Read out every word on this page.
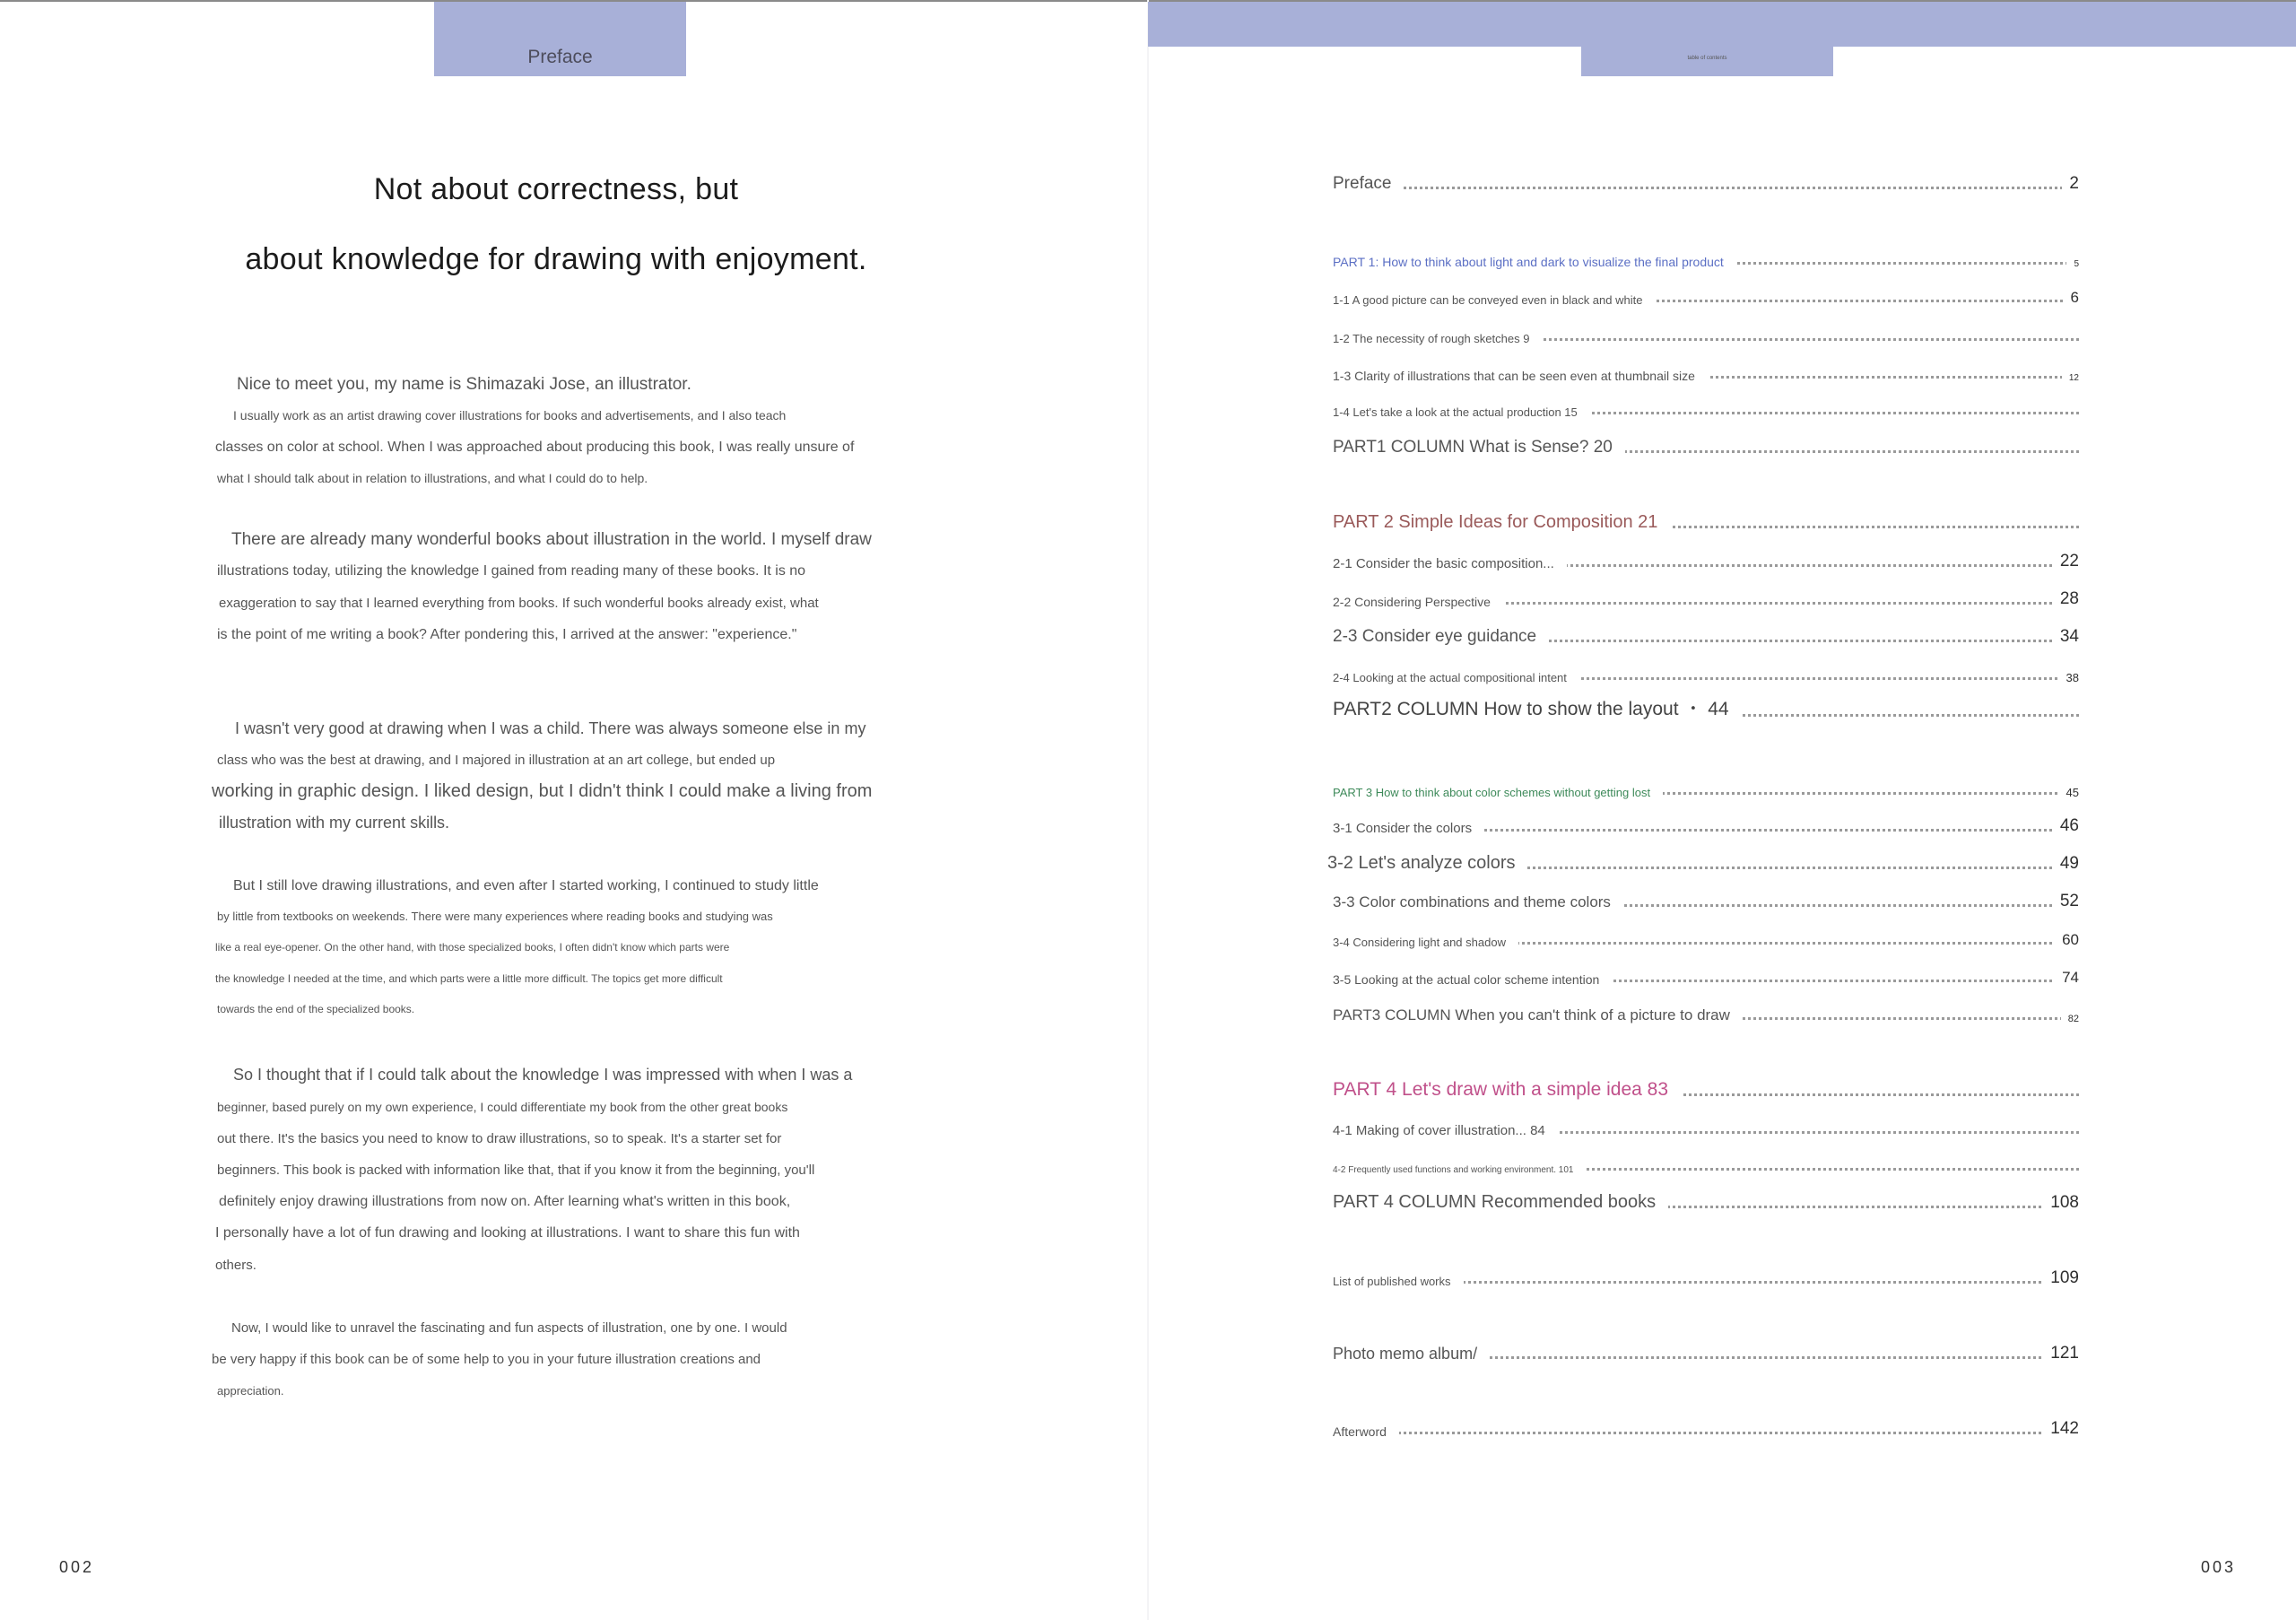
Preface
Not about correctness, but
about knowledge for drawing with enjoyment.
Nice to meet you, my name is Shimazaki Jose, an illustrator.
I usually work as an artist drawing cover illustrations for books and advertisements, and I also teach
classes on color at school. When I was approached about producing this book, I was really unsure of
what I should talk about in relation to illustrations, and what I could do to help.
There are already many wonderful books about illustration in the world. I myself draw
illustrations today, utilizing the knowledge I gained from reading many of these books. It is no
exaggeration to say that I learned everything from books. If such wonderful books already exist, what
is the point of me writing a book? After pondering this, I arrived at the answer: "experience."
I wasn't very good at drawing when I was a child. There was always someone else in my
class who was the best at drawing, and I majored in illustration at an art college, but ended up
working in graphic design. I liked design, but I didn't think I could make a living from
illustration with my current skills.
But I still love drawing illustrations, and even after I started working, I continued to study little
by little from textbooks on weekends. There were many experiences where reading books and studying was
like a real eye-opener. On the other hand, with those specialized books, I often didn't know which parts were
the knowledge I needed at the time, and which parts were a little more difficult. The topics get more difficult
towards the end of the specialized books.
So I thought that if I could talk about the knowledge I was impressed with when I was a
beginner, based purely on my own experience, I could differentiate my book from the other great books
out there. It's the basics you need to know to draw illustrations, so to speak. It's a starter set for
beginners. This book is packed with information like that, that if you know it from the beginning, you'll
definitely enjoy drawing illustrations from now on. After learning what's written in this book,
I personally have a lot of fun drawing and looking at illustrations. I want to share this fun with
others.
Now, I would like to unravel the fascinating and fun aspects of illustration, one by one. I would
be very happy if this book can be of some help to you in your future illustration creations and
appreciation.
002
table of contents
Preface	2
PART 1: How to think about light and dark to visualize the final product	5
1-1 A good picture can be conveyed even in black and white	6
1-2 The necessity of rough sketches 9
1-3 Clarity of illustrations that can be seen even at thumbnail size	12
1-4 Let's take a look at the actual production 15
PART1 COLUMN What is Sense? 20
PART 2 Simple Ideas for Composition 21
2-1 Consider the basic composition...	22
2-2 Considering Perspective	28
2-3 Consider eye guidance	34
2-4 Looking at the actual compositional intent	38
PART2 COLUMN How to show the layout ・ 44
PART 3 How to think about color schemes without getting lost	45
3-1 Consider the colors	46
3-2 Let's analyze colors	49
3-3 Color combinations and theme colors	52
3-4 Considering light and shadow	60
3-5 Looking at the actual color scheme intention	74
PART3 COLUMN When you can't think of a picture to draw	82
PART 4 Let's draw with a simple idea 83
4-1 Making of cover illustration... 84
4-2 Frequently used functions and working environment. 101
PART 4 COLUMN Recommended books	108
List of published works	109
Photo memo album/	121
Afterword	142
003
